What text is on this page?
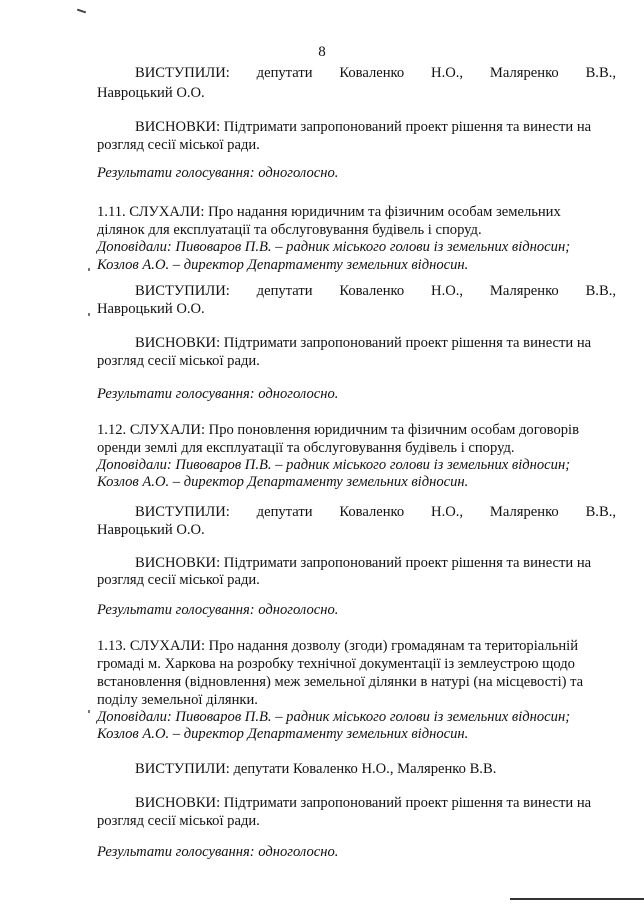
8
ВИСТУПИЛИ: депутати Коваленко Н.О., Маляренко В.В.,
Навроцький О.О.
ВИСНОВКИ: Підтримати запропонований проект рішення та винести на
розгляд сесії міської ради.
Результати голосування: одноголосно.
1.11. СЛУХАЛИ: Про надання юридичним та фізичним особам земельних
ділянок для експлуатації та обслуговування будівель і споруд.
Доповідали: Пивоваров П.В. – радник міського голови із земельних відносин;
Козлов А.О. – директор Департаменту земельних відносин.
ВИСТУПИЛИ: депутати Коваленко Н.О., Маляренко В.В.,
Навроцький О.О.
ВИСНОВКИ: Підтримати запропонований проект рішення та винести на
розгляд сесії міської ради.
Результати голосування: одноголосно.
1.12. СЛУХАЛИ: Про поновлення юридичним та фізичним особам договорів
оренди землі для експлуатації та обслуговування будівель і споруд.
Доповідали: Пивоваров П.В. – радник міського голови із земельних відносин;
Козлов А.О. – директор Департаменту земельних відносин.
ВИСТУПИЛИ: депутати Коваленко Н.О., Маляренко В.В.,
Навроцький О.О.
ВИСНОВКИ: Підтримати запропонований проект рішення та винести на
розгляд сесії міської ради.
Результати голосування: одноголосно.
1.13. СЛУХАЛИ: Про надання дозволу (згоди) громадянам та територіальній
громаді м. Харкова на розробку технічної документації із землеустрою щодо
встановлення (відновлення) меж земельної ділянки в натурі (на місцевості) та
поділу земельної ділянки.
Доповідали: Пивоваров П.В. – радник міського голови із земельних відносин;
Козлов А.О. – директор Департаменту земельних відносин.
ВИСТУПИЛИ: депутати Коваленко Н.О., Маляренко В.В.
ВИСНОВКИ: Підтримати запропонований проект рішення та винести на
розгляд сесії міської ради.
Результати голосування: одноголосно.
